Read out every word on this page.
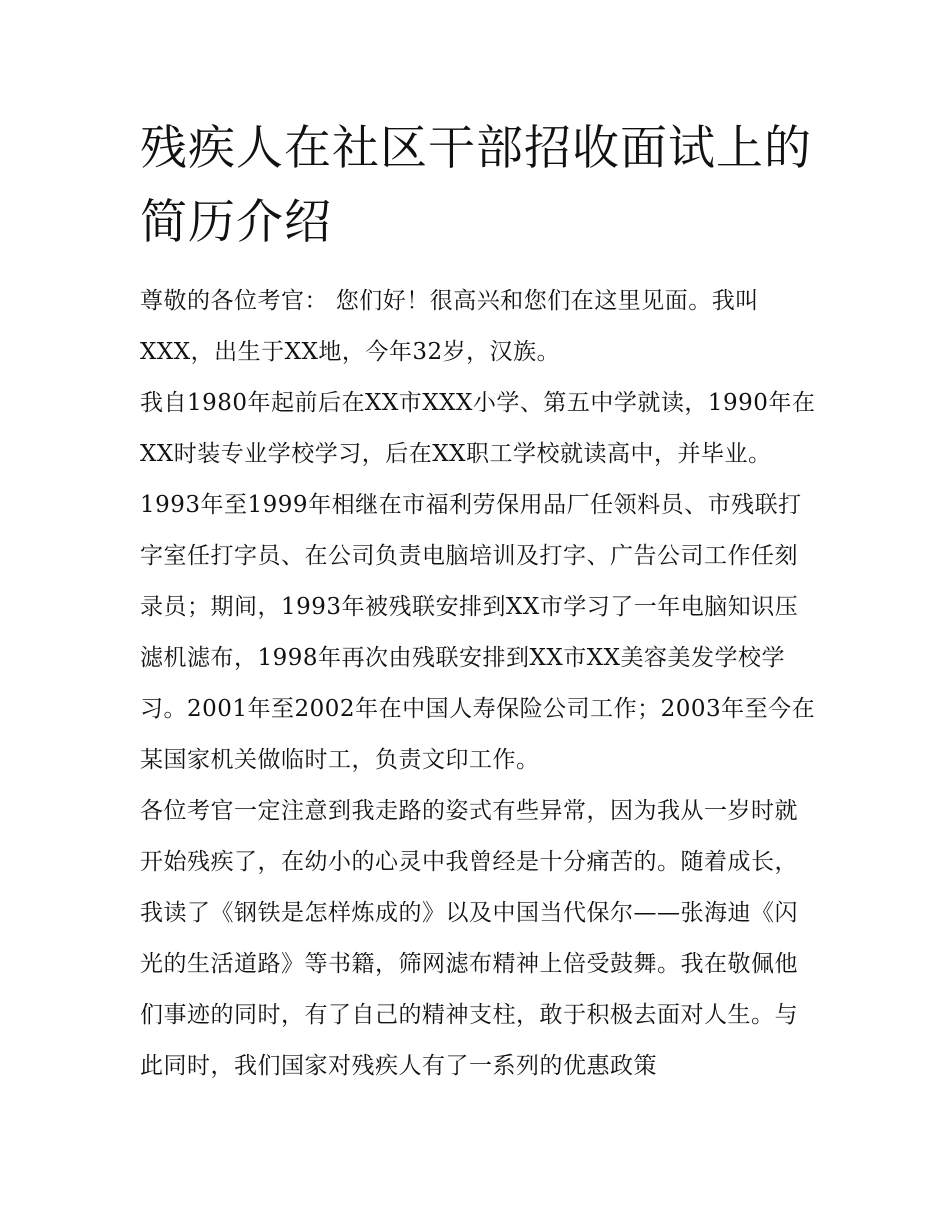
残疾人在社区干部招收面试上的简历介绍

尊敬的各位考官： 您们好！很高兴和您们在这里见面。我叫XXX，出生于XX地，今年32岁，汉族。

我自1980年起前后在XX市XXX小学、第五中学就读，1990年在XX时装专业学校学习，后在XX职工学校就读高中，并毕业。1993年至1999年相继在市福利劳保用品厂任领料员、市残联打字室任打字员、在公司负责电脑培训及打字、广告公司工作任刻录员；期间，1993年被残联安排到XX市学习了一年电脑知识压滤机滤布，1998年再次由残联安排到XX市XX美容美发学校学习。2001年至2002年在中国人寿保险公司工作；2003年至今在某国家机关做临时工，负责文印工作。

各位考官一定注意到我走路的姿式有些异常，因为我从一岁时就开始残疾了，在幼小的心灵中我曾经是十分痛苦的。随着成长，我读了《钢铁是怎样炼成的》以及中国当代保尔——张海迪《闪光的生活道路》等书籍，筛网滤布精神上倍受鼓舞。我在敬佩他们事迹的同时，有了自己的精神支柱，敢于积极去面对人生。与此同时，我们国家对残疾人有了一系列的优惠政策
